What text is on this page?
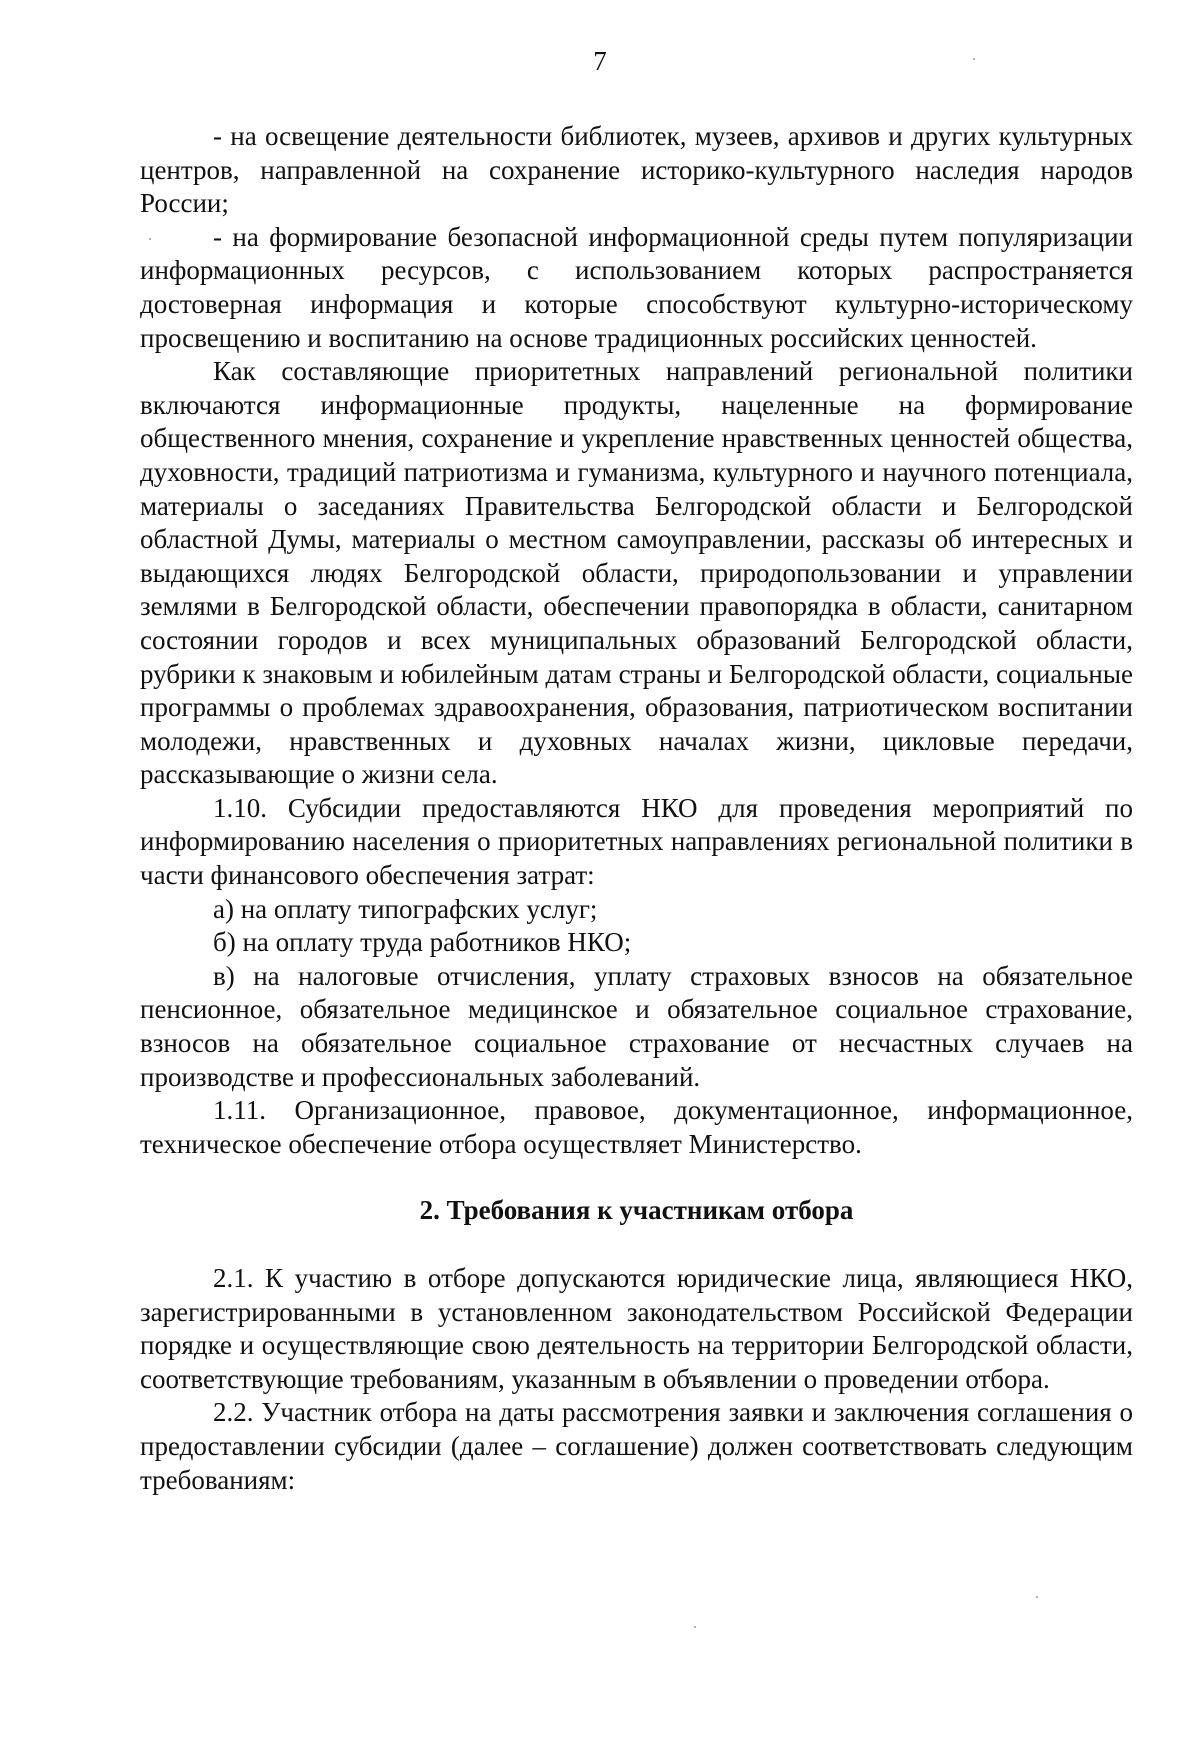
7

- на освещение деятельности библиотек, музеев, архивов и других культурных центров, направленной на сохранение историко-культурного наследия народов России;

- на формирование безопасной информационной среды путем популяризации информационных ресурсов, с использованием которых распространяется достоверная информация и которые способствуют культурно-историческому просвещению и воспитанию на основе традиционных российских ценностей.

Как составляющие приоритетных направлений региональной политики включаются информационные продукты, нацеленные на формирование общественного мнения, сохранение и укрепление нравственных ценностей общества, духовности, традиций патриотизма и гуманизма, культурного и научного потенциала, материалы о заседаниях Правительства Белгородской области и Белгородской областной Думы, материалы о местном самоуправлении, рассказы об интересных и выдающихся людях Белгородской области, природопользовании и управлении землями в Белгородской области, обеспечении правопорядка в области, санитарном состоянии городов и всех муниципальных образований Белгородской области, рубрики к знаковым и юбилейным датам страны и Белгородской области, социальные программы о проблемах здравоохранения, образования, патриотическом воспитании молодежи, нравственных и духовных началах жизни, цикловые передачи, рассказывающие о жизни села.

1.10. Субсидии предоставляются НКО для проведения мероприятий по информированию населения о приоритетных направлениях региональной политики в части финансового обеспечения затрат:

а) на оплату типографских услуг;

б) на оплату труда работников НКО;

в) на налоговые отчисления, уплату страховых взносов на обязательное пенсионное, обязательное медицинское и обязательное социальное страхование, взносов на обязательное социальное страхование от несчастных случаев на производстве и профессиональных заболеваний.

1.11. Организационное, правовое, документационное, информационное, техническое обеспечение отбора осуществляет Министерство.

2. Требования к участникам отбора

2.1. К участию в отборе допускаются юридические лица, являющиеся НКО, зарегистрированными в установленном законодательством Российской Федерации порядке и осуществляющие свою деятельность на территории Белгородской области, соответствующие требованиям, указанным в объявлении о проведении отбора.

2.2. Участник отбора на даты рассмотрения заявки и заключения соглашения о предоставлении субсидии (далее – соглашение) должен соответствовать следующим требованиям:
